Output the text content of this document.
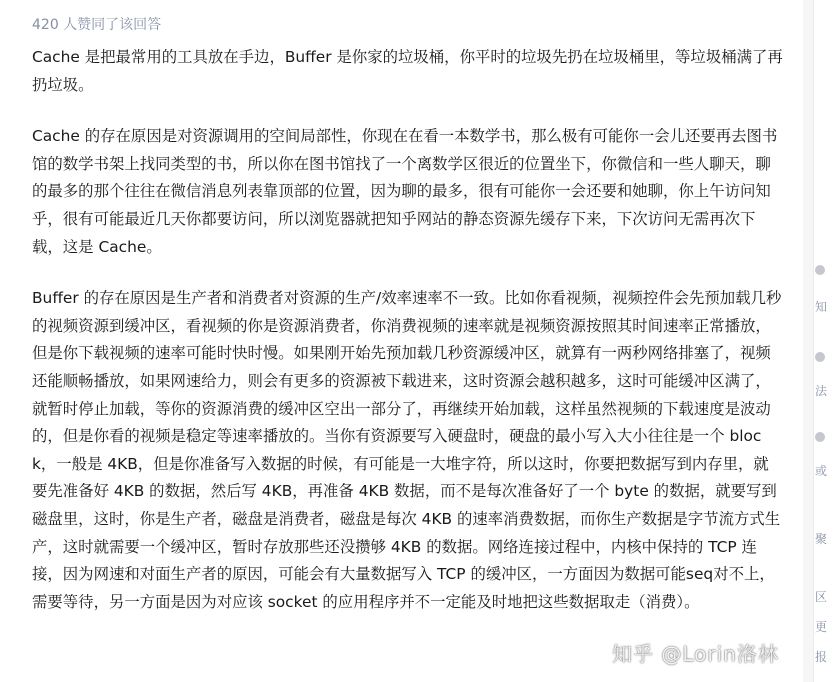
420 人赞同了该回答

Cache 是把最常用的工具放在手边，Buffer 是你家的垃圾桶，你平时的垃圾先扔在垃圾桶里，等垃圾桶满了再扔垃圾。

Cache 的存在原因是对资源调用的空间局部性，你现在在看一本数学书，那么极有可能你一会儿还要再去图书馆的数学书架上找同类型的书，所以你在图书馆找了一个离数学区很近的位置坐下，你微信和一些人聊天，聊的最多的那个往往在微信消息列表靠顶部的位置，因为聊的最多，很有可能你一会还要和她聊，你上午访问知乎，很有可能最近几天你都要访问，所以浏览器就把知乎网站的静态资源先缓存下来，下次访问无需再次下载，这是 Cache。

Buffer 的存在原因是生产者和消费者对资源的生产/效率速率不一致。比如你看视频，视频控件会先预加载几秒的视频资源到缓冲区，看视频的你是资源消费者，你消费视频的速率就是视频资源按照其时间速率正常播放，但是你下载视频的速率可能时快时慢。如果刚开始先预加载几秒资源缓冲区，就算有一两秒网络排塞了，视频还能顺畅播放，如果网速给力，则会有更多的资源被下载进来，这时资源会越积越多，这时可能缓冲区满了，就暂时停止加载，等你的资源消费的缓冲区空出一部分了，再继续开始加载，这样虽然视频的下载速度是波动的，但是你看的视频是稳定等速率播放的。当你有资源要写入硬盘时，硬盘的最小写入大小往往是一个 block，一般是 4KB，但是你准备写入数据的时候，有可能是一大堆字符，所以这时，你要把数据写到内存里，就要先准备好 4KB 的数据，然后写 4KB，再准备 4KB 数据，而不是每次准备好了一个 byte 的数据，就要写到磁盘里，这时，你是生产者，磁盘是消费者，磁盘是每次 4KB 的速率消费数据，而你生产数据是字节流方式生产，这时就需要一个缓冲区，暂时存放那些还没攒够 4KB 的数据。网络连接过程中，内核中保持的 TCP 连接，因为网速和对面生产者的原因，可能会有大量数据写入 TCP 的缓冲区，一方面因为数据可能seq对不上，需要等待，另一方面是因为对应该 socket 的应用程序并不一定能及时地把这些数据取走（消费）。

知乎 @Lorin洛林
知
法
或
聚
区
更
报
